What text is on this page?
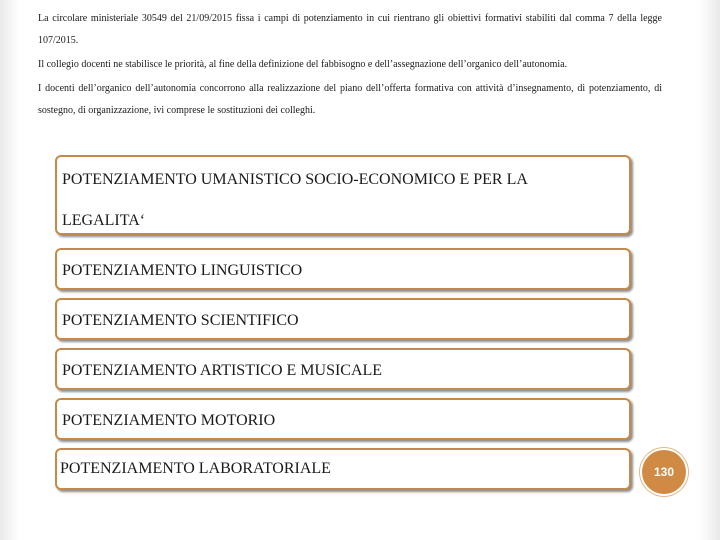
La circolare ministeriale 30549 del 21/09/2015 fissa i campi di potenziamento in cui rientrano gli obiettivi formativi stabiliti dal comma 7 della legge 107/2015.

Il collegio docenti ne stabilisce le priorità, al fine della definizione del fabbisogno e dell’assegnazione dell’organico dell’autonomia.

I docenti dell’organico dell’autonomia concorrono alla realizzazione del piano dell’offerta formativa con attività d’insegnamento, di potenziamento, di sostegno, di organizzazione, ivi comprese le sostituzioni dei colleghi.

POTENZIAMENTO UMANISTICO SOCIO-ECONOMICO E PER LA
LEGALITA‘
POTENZIAMENTO LINGUISTICO
POTENZIAMENTO SCIENTIFICO
POTENZIAMENTO ARTISTICO E MUSICALE
POTENZIAMENTO MOTORIO
POTENZIAMENTO LABORATORIALE	130
